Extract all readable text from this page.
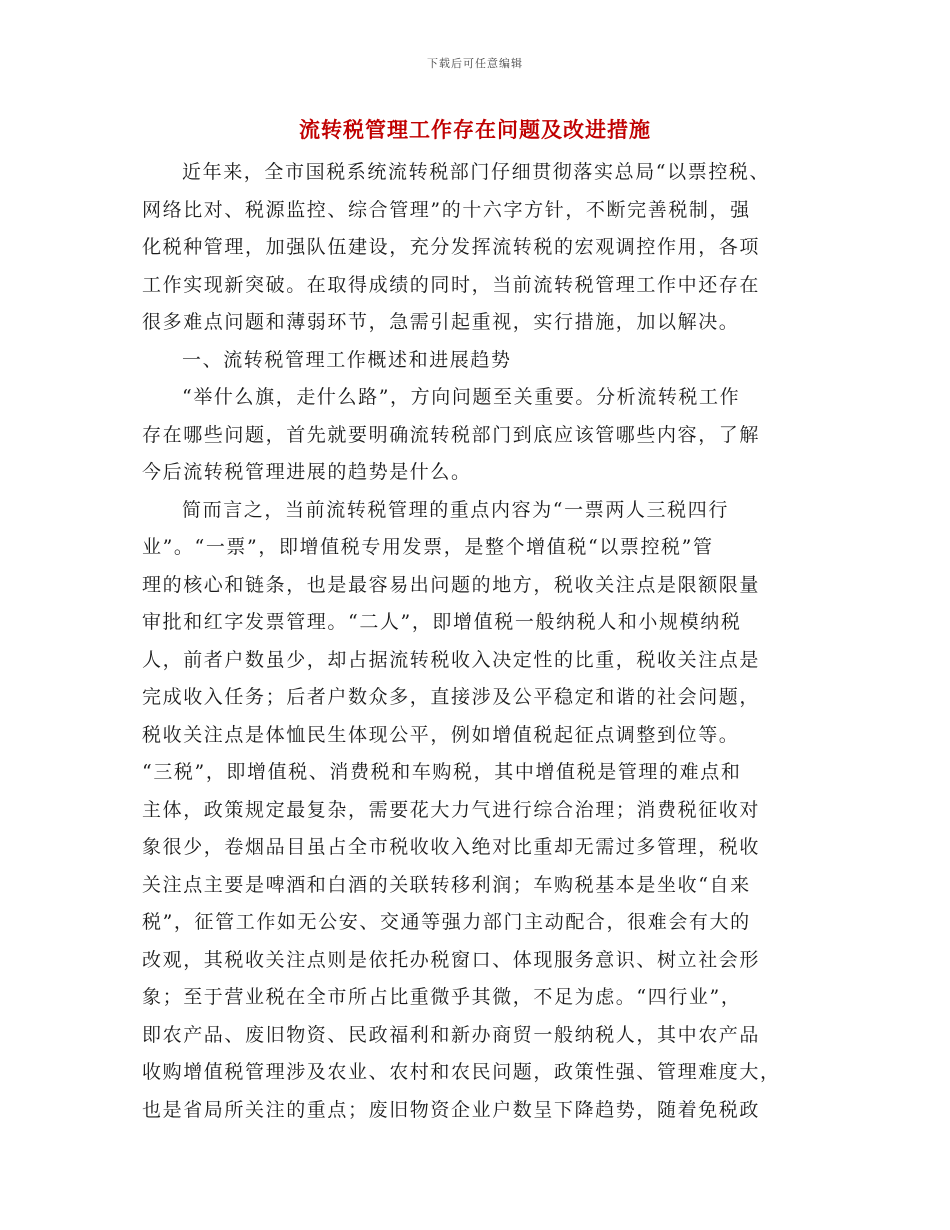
下载后可任意编辑
流转税管理工作存在问题及改进措施
近年来，全市国税系统流转税部门仔细贯彻落实总局“以票控税、
网络比对、税源监控、综合管理”的十六字方针，不断完善税制，强
化税种管理，加强队伍建设，充分发挥流转税的宏观调控作用，各项
工作实现新突破。在取得成绩的同时，当前流转税管理工作中还存在
很多难点问题和薄弱环节，急需引起重视，实行措施，加以解决。
一、流转税管理工作概述和进展趋势
“举什么旗，走什么路”，方向问题至关重要。分析流转税工作
存在哪些问题，首先就要明确流转税部门到底应该管哪些内容，了解
今后流转税管理进展的趋势是什么。
简而言之，当前流转税管理的重点内容为“一票两人三税四行
业”。“一票”，即增值税专用发票，是整个增值税“以票控税”管
理的核心和链条，也是最容易出问题的地方，税收关注点是限额限量
审批和红字发票管理。“二人”，即增值税一般纳税人和小规模纳税
人，前者户数虽少，却占据流转税收入决定性的比重，税收关注点是
完成收入任务；后者户数众多，直接涉及公平稳定和谐的社会问题，
税收关注点是体恤民生体现公平，例如增值税起征点调整到位等。
“三税”，即增值税、消费税和车购税，其中增值税是管理的难点和
主体，政策规定最复杂，需要花大力气进行综合治理；消费税征收对
象很少，卷烟品目虽占全市税收收入绝对比重却无需过多管理，税收
关注点主要是啤酒和白酒的关联转移利润；车购税基本是坐收“自来
税”，征管工作如无公安、交通等强力部门主动配合，很难会有大的
改观，其税收关注点则是依托办税窗口、体现服务意识、树立社会形
象；至于营业税在全市所占比重微乎其微，不足为虑。“四行业”，
即农产品、废旧物资、民政福利和新办商贸一般纳税人，其中农产品
收购增值税管理涉及农业、农村和农民问题，政策性强、管理难度大，
也是省局所关注的重点；废旧物资企业户数呈下降趋势，随着免税政
